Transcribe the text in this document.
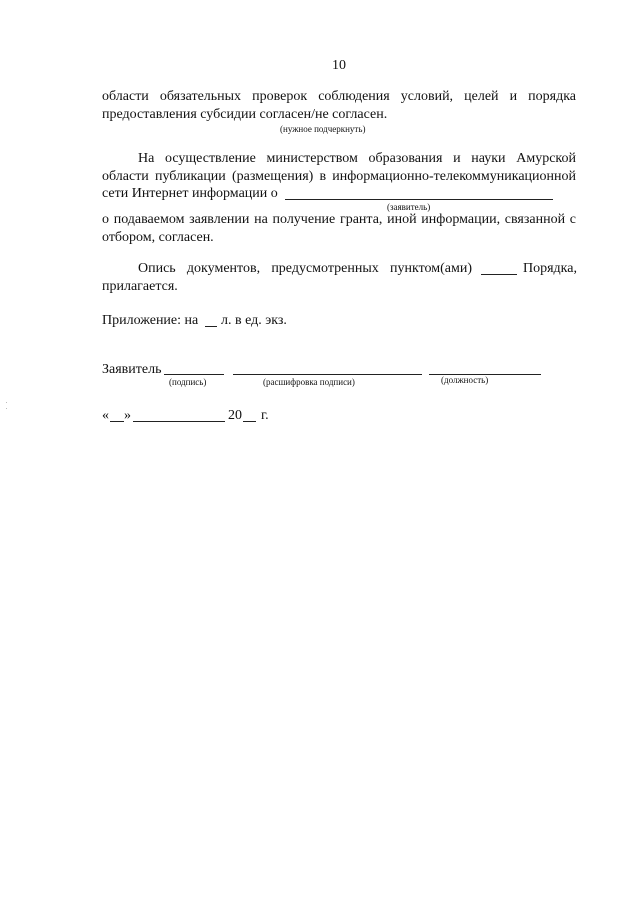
10
области обязательных проверок соблюдения условий, целей и порядка
предоставления субсидии согласен/не согласен.
(нужное подчеркнуть)
На осуществление министерством образования и науки Амурской
области публикации (размещения) в информационно-телекоммуникационной
сети Интернет информации о
(заявитель)
о подаваемом заявлении на получение гранта, иной информации, связанной с
отбором, согласен.
Опись документов, предусмотренных пунктом(ами)	Порядка,
прилагается.
Приложение: на л. в ед. экз.
Заявитель
(подпись)	(расшифровка подписи)	(должность)
« »	20 г.
